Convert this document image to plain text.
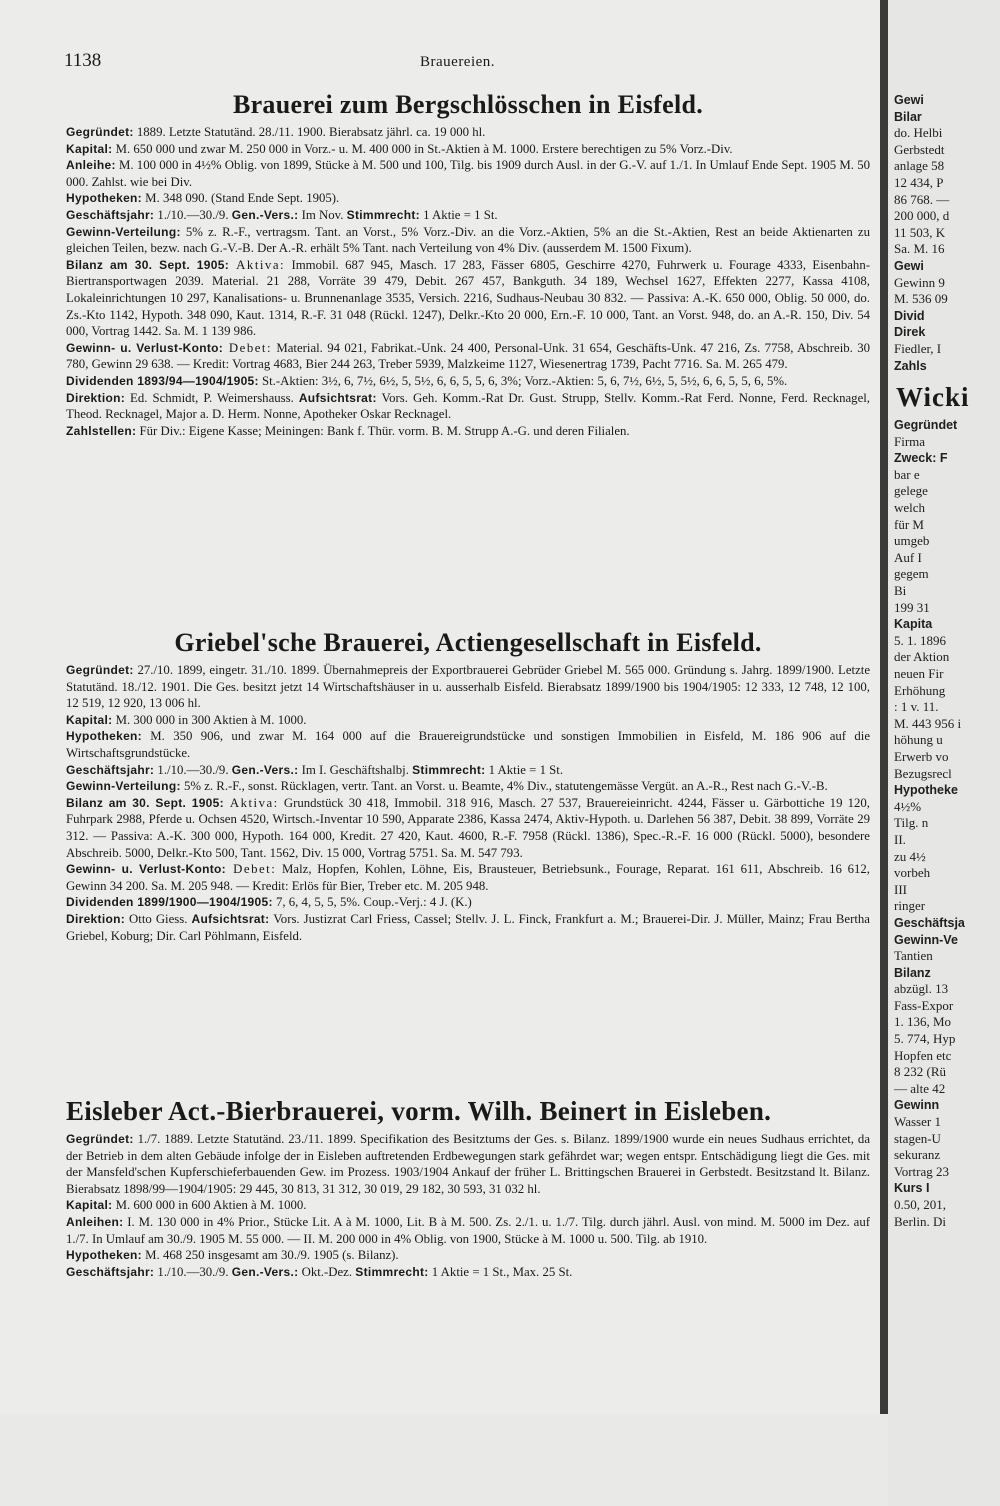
1138	Brauereien.
Brauerei zum Bergschlösschen in Eisfeld.

Gegründet: 1889. Letzte Statutänd. 28./11. 1900. Bierabsatz jährl. ca. 19 000 hl.

Kapital: M. 650 000 und zwar M. 250 000 in Vorz.- u. M. 400 000 in St.-Aktien à M. 1000. Erstere berechtigen zu 5% Vorz.-Div.

Anleihe: M. 100 000 in 4½% Oblig. von 1899, Stücke à M. 500 und 100, Tilg. bis 1909 durch Ausl. in der G.-V. auf 1./1. In Umlauf Ende Sept. 1905 M. 50 000. Zahlst. wie bei Div.

Hypotheken: M. 348 090. (Stand Ende Sept. 1905).

Geschäftsjahr: 1./10.—30./9. Gen.-Vers.: Im Nov. Stimmrecht: 1 Aktie = 1 St.

Gewinn-Verteilung: 5% z. R.-F., vertragsm. Tant. an Vorst., 5% Vorz.-Div. an die Vorz.-Aktien, 5% an die St.-Aktien, Rest an beide Aktienarten zu gleichen Teilen, bezw. nach G.-V.-B. Der A.-R. erhält 5% Tant. nach Verteilung von 4% Div. (ausserdem M. 1500 Fixum).

Bilanz am 30. Sept. 1905: Aktiva: Immobil. 687 945, Masch. 17 283, Fässer 6805, Geschirre 4270, Fuhrwerk u. Fourage 4333, Eisenbahn-Biertransportwagen 2039. Material. 21 288, Vorräte 39 479, Debit. 267 457, Bankguth. 34 189, Wechsel 1627, Effekten 2277, Kassa 4108, Lokaleinrichtungen 10 297, Kanalisations- u. Brunnenanlage 3535, Versich. 2216, Sudhaus-Neubau 30 832. — Passiva: A.-K. 650 000, Oblig. 50 000, do. Zs.-Kto 1142, Hypoth. 348 090, Kaut. 1314, R.-F. 31 048 (Rückl. 1247), Delkr.-Kto 20 000, Ern.-F. 10 000, Tant. an Vorst. 948, do. an A.-R. 150, Div. 54 000, Vortrag 1442. Sa. M. 1 139 986.

Gewinn- u. Verlust-Konto: Debet: Material. 94 021, Fabrikat.-Unk. 24 400, Personal-Unk. 31 654, Geschäfts-Unk. 47 216, Zs. 7758, Abschreib. 30 780, Gewinn 29 638. — Kredit: Vortrag 4683, Bier 244 263, Treber 5939, Malzkeime 1127, Wiesenertrag 1739, Pacht 7716. Sa. M. 265 479.

Dividenden 1893/94—1904/1905: St.-Aktien: 3½, 6, 7½, 6½, 5, 5½, 6, 6, 5, 5, 6, 3%; Vorz.-Aktien: 5, 6, 7½, 6½, 5, 5½, 6, 6, 5, 5, 6, 5%.

Direktion: Ed. Schmidt, P. Weimershauss. Aufsichtsrat: Vors. Geh. Komm.-Rat Dr. Gust. Strupp, Stellv. Komm.-Rat Ferd. Nonne, Ferd. Recknagel, Theod. Recknagel, Major a. D. Herm. Nonne, Apotheker Oskar Recknagel.

Zahlstellen: Für Div.: Eigene Kasse; Meiningen: Bank f. Thür. vorm. B. M. Strupp A.-G. und deren Filialen.

Griebel'sche Brauerei, Actiengesellschaft in Eisfeld.

Gegründet: 27./10. 1899, eingetr. 31./10. 1899. Übernahmepreis der Exportbrauerei Gebrüder Griebel M. 565 000. Gründung s. Jahrg. 1899/1900. Letzte Statutänd. 18./12. 1901. Die Ges. besitzt jetzt 14 Wirtschaftshäuser in u. ausserhalb Eisfeld. Bierabsatz 1899/1900 bis 1904/1905: 12 333, 12 748, 12 100, 12 519, 12 920, 13 006 hl.

Kapital: M. 300 000 in 300 Aktien à M. 1000.

Hypotheken: M. 350 906, und zwar M. 164 000 auf die Brauereigrundstücke und sonstigen Immobilien in Eisfeld, M. 186 906 auf die Wirtschaftsgrundstücke.

Geschäftsjahr: 1./10.—30./9. Gen.-Vers.: Im I. Geschäftshalbj. Stimmrecht: 1 Aktie = 1 St.

Gewinn-Verteilung: 5% z. R.-F., sonst. Rücklagen, vertr. Tant. an Vorst. u. Beamte, 4% Div., statutengemässe Vergüt. an A.-R., Rest nach G.-V.-B.

Bilanz am 30. Sept. 1905: Aktiva: Grundstück 30 418, Immobil. 318 916, Masch. 27 537, Brauereieinricht. 4244, Fässer u. Gärbottiche 19 120, Fuhrpark 2988, Pferde u. Ochsen 4520, Wirtsch.-Inventar 10 590, Apparate 2386, Kassa 2474, Aktiv-Hypoth. u. Darlehen 56 387, Debit. 38 899, Vorräte 29 312. — Passiva: A.-K. 300 000, Hypoth. 164 000, Kredit. 27 420, Kaut. 4600, R.-F. 7958 (Rückl. 1386), Spec.-R.-F. 16 000 (Rückl. 5000), besondere Abschreib. 5000, Delkr.-Kto 500, Tant. 1562, Div. 15 000, Vortrag 5751. Sa. M. 547 793.

Gewinn- u. Verlust-Konto: Debet: Malz, Hopfen, Kohlen, Löhne, Eis, Brausteuer, Betriebsunk., Fourage, Reparat. 161 611, Abschreib. 16 612, Gewinn 34 200. Sa. M. 205 948. — Kredit: Erlös für Bier, Treber etc. M. 205 948.

Dividenden 1899/1900—1904/1905: 7, 6, 4, 5, 5, 5%. Coup.-Verj.: 4 J. (K.)

Direktion: Otto Giess. Aufsichtsrat: Vors. Justizrat Carl Friess, Cassel; Stellv. J. L. Finck, Frankfurt a. M.; Brauerei-Dir. J. Müller, Mainz; Frau Bertha Griebel, Koburg; Dir. Carl Pöhlmann, Eisfeld.

Eisleber Act.-Bierbrauerei, vorm. Wilh. Beinert in Eisleben.

Gegründet: 1./7. 1889. Letzte Statutänd. 23./11. 1899. Specifikation des Besitztums der Ges. s. Bilanz. 1899/1900 wurde ein neues Sudhaus errichtet, da der Betrieb in dem alten Gebäude infolge der in Eisleben auftretenden Erdbewegungen stark gefährdet war; wegen entspr. Entschädigung liegt die Ges. mit der Mansfeld'schen Kupferschieferbauenden Gew. im Prozess. 1903/1904 Ankauf der früher L. Brittingschen Brauerei in Gerbstedt. Besitzstand lt. Bilanz. Bierabsatz 1898/99—1904/1905: 29 445, 30 813, 31 312, 30 019, 29 182, 30 593, 31 032 hl.

Kapital: M. 600 000 in 600 Aktien à M. 1000.

Anleihen: I. M. 130 000 in 4% Prior., Stücke Lit. A à M. 1000, Lit. B à M. 500. Zs. 2./1. u. 1./7. Tilg. durch jährl. Ausl. von mind. M. 5000 im Dez. auf 1./7. In Umlauf am 30./9. 1905 M. 55 000. — II. M. 200 000 in 4% Oblig. von 1900, Stücke à M. 1000 u. 500. Tilg. ab 1910.

Hypotheken: M. 468 250 insgesamt am 30./9. 1905 (s. Bilanz).

Geschäftsjahr: 1./10.—30./9. Gen.-Vers.: Okt.-Dez. Stimmrecht: 1 Aktie = 1 St., Max. 25 St.

Gewi
Bilar
do. Helbi
Gerbstedt
anlage 58
12 434, P
86 768. —
200 000, d
11 503, K
Sa. M. 16
Gewi
Gewinn 9
M. 536 09
Divid
Direk
Fiedler, I
Zahls
Wicki
Gegründet
Firma
Zweck: F
bar e
gelege
welch
für M
umgeb
Auf I
gegem
Bi
199 31
Kapita
5. 1. 1896
der Aktion
neuen Fir
Erhöhung
: 1 v. 11.
M. 443 956 i
höhung u
Erwerb vo
Bezugsrecl
Hypotheke
4½%
Tilg. n
II.
zu 4½
vorbeh
III
ringer
Geschäftsja
Gewinn-Ve
Tantien
Bilanz
abzügl. 13
Fass-Expor
1. 136, Mo
5. 774, Hyp
Hopfen etc
8 232 (Rü
— alte 42
Gewinn
Wasser 1
stagen-U
sekuranz
Vortrag 23
Kurs I
0.50, 201,
Berlin. Di
